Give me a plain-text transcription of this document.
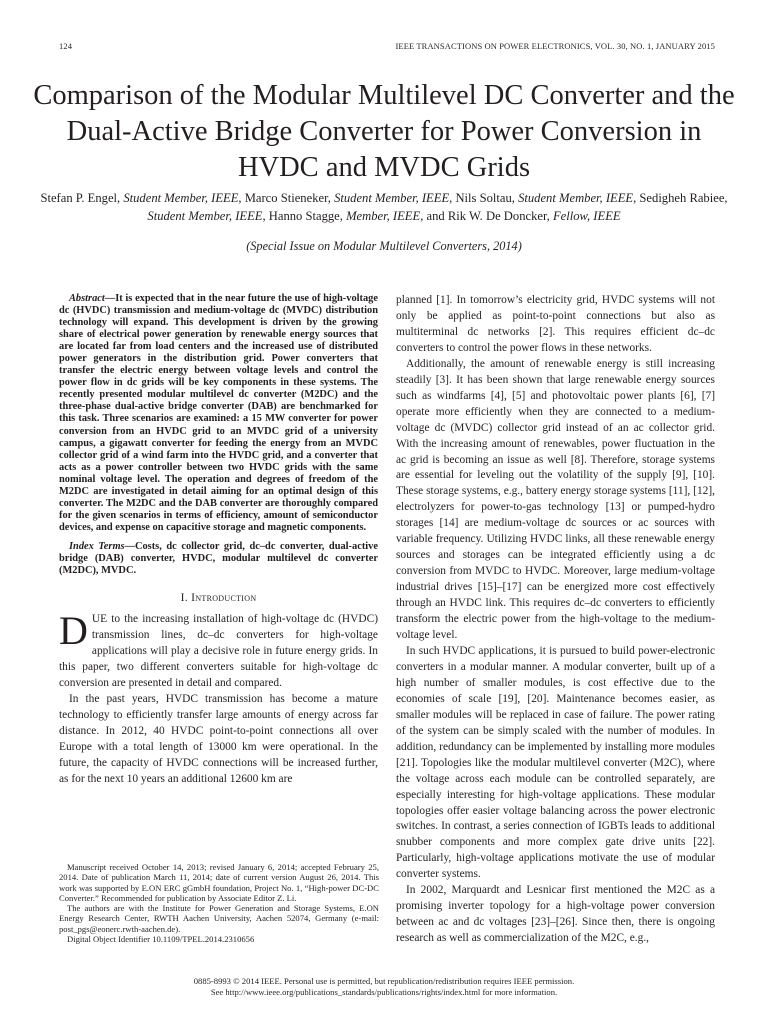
124	IEEE TRANSACTIONS ON POWER ELECTRONICS, VOL. 30, NO. 1, JANUARY 2015
Comparison of the Modular Multilevel DC Converter and the Dual-Active Bridge Converter for Power Conversion in HVDC and MVDC Grids
Stefan P. Engel, Student Member, IEEE, Marco Stieneker, Student Member, IEEE, Nils Soltau, Student Member, IEEE, Sedigheh Rabiee, Student Member, IEEE, Hanno Stagge, Member, IEEE, and Rik W. De Doncker, Fellow, IEEE
(Special Issue on Modular Multilevel Converters, 2014)

Abstract—It is expected that in the near future the use of high-voltage dc (HVDC) transmission and medium-voltage dc (MVDC) distribution technology will expand. This development is driven by the growing share of electrical power generation by renewable energy sources that are located far from load centers and the increased use of distributed power generators in the distribution grid. Power converters that transfer the electric energy between voltage levels and control the power flow in dc grids will be key components in these systems. The recently presented modular multilevel dc converter (M2DC) and the three-phase dual-active bridge converter (DAB) are benchmarked for this task. Three scenarios are examined: a 15 MW converter for power conversion from an HVDC grid to an MVDC grid of a university campus, a gigawatt converter for feeding the energy from an MVDC collector grid of a wind farm into the HVDC grid, and a converter that acts as a power controller between two HVDC grids with the same nominal voltage level. The operation and degrees of freedom of the M2DC are investigated in detail aiming for an optimal design of this converter. The M2DC and the DAB converter are thoroughly compared for the given scenarios in terms of efficiency, amount of semiconductor devices, and expense on capacitive storage and magnetic components.

Index Terms—Costs, dc collector grid, dc–dc converter, dual-active bridge (DAB) converter, HVDC, modular multilevel dc converter (M2DC), MVDC.

I. Introduction

DUE to the increasing installation of high-voltage dc (HVDC) transmission lines, dc–dc converters for high-voltage applications will play a decisive role in future energy grids. In this paper, two different converters suitable for high-voltage dc conversion are presented in detail and compared.

In the past years, HVDC transmission has become a mature technology to efficiently transfer large amounts of energy across far distance. In 2012, 40 HVDC point-to-point connections all over Europe with a total length of 13000 km were operational. In the future, the capacity of HVDC connections will be increased further, as for the next 10 years an additional 12600 km are

Manuscript received October 14, 2013; revised January 6, 2014; accepted February 25, 2014. Date of publication March 11, 2014; date of current version August 26, 2014. This work was supported by E.ON ERC gGmbH foundation, Project No. 1, “High-power DC-DC Converter.” Recommended for publication by Associate Editor Z. Li.

The authors are with the Institute for Power Generation and Storage Systems, E.ON Energy Research Center, RWTH Aachen University, Aachen 52074, Germany (e-mail: post_pgs@eonerc.rwth-aachen.de).

Digital Object Identifier 10.1109/TPEL.2014.2310656

planned [1]. In tomorrow’s electricity grid, HVDC systems will not only be applied as point-to-point connections but also as multiterminal dc networks [2]. This requires efficient dc–dc converters to control the power flows in these networks.

Additionally, the amount of renewable energy is still increasing steadily [3]. It has been shown that large renewable energy sources such as windfarms [4], [5] and photovoltaic power plants [6], [7] operate more efficiently when they are connected to a medium-voltage dc (MVDC) collector grid instead of an ac collector grid. With the increasing amount of renewables, power fluctuation in the ac grid is becoming an issue as well [8]. Therefore, storage systems are essential for leveling out the volatility of the supply [9], [10]. These storage systems, e.g., battery energy storage systems [11], [12], electrolyzers for power-to-gas technology [13] or pumped-hydro storages [14] are medium-voltage dc sources or ac sources with variable frequency. Utilizing HVDC links, all these renewable energy sources and storages can be integrated efficiently using a dc conversion from MVDC to HVDC. Moreover, large medium-voltage industrial drives [15]–[17] can be energized more cost effectively through an HVDC link. This requires dc–dc converters to efficiently transform the electric power from the high-voltage to the medium-voltage level.

In such HVDC applications, it is pursued to build power-electronic converters in a modular manner. A modular converter, built up of a high number of smaller modules, is cost effective due to the economies of scale [19], [20]. Maintenance becomes easier, as smaller modules will be replaced in case of failure. The power rating of the system can be simply scaled with the number of modules. In addition, redundancy can be implemented by installing more modules [21]. Topologies like the modular multilevel converter (M2C), where the voltage across each module can be controlled separately, are especially interesting for high-voltage applications. These modular topologies offer easier voltage balancing across the power electronic switches. In contrast, a series connection of IGBTs leads to additional snubber components and more complex gate drive units [22]. Particularly, high-voltage applications motivate the use of modular converter systems.

In 2002, Marquardt and Lesnicar first mentioned the M2C as a promising inverter topology for a high-voltage power conversion between ac and dc voltages [23]–[26]. Since then, there is ongoing research as well as commercialization of the M2C, e.g.,

0885-8993 © 2014 IEEE. Personal use is permitted, but republication/redistribution requires IEEE permission.
See http://www.ieee.org/publications_standards/publications/rights/index.html for more information.
